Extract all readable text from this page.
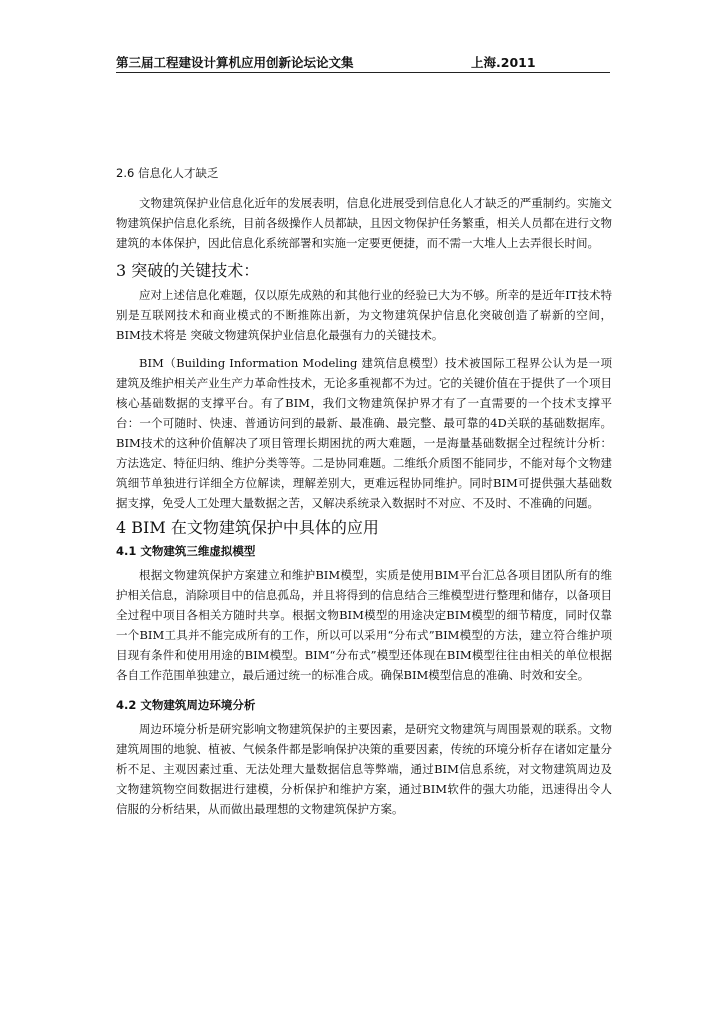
第三届工程建设计算机应用创新论坛论文集	上海.2011
2.6 信息化人才缺乏

文物建筑保护业信息化近年的发展表明，信息化进展受到信息化人才缺乏的严重制约。实施文物建筑保护信息化系统，目前各级操作人员都缺，且因文物保护任务繁重，相关人员都在进行文物建筑的本体保护，因此信息化系统部署和实施一定要更便捷，而不需一大堆人上去弄很长时间。

3 突破的关键技术：

应对上述信息化难题，仅以原先成熟的和其他行业的经验已大为不够。所幸的是近年IT技术特别是互联网技术和商业模式的不断推陈出新，为文物建筑保护信息化突破创造了崭新的空间，BIM技术将是 突破文物建筑保护业信息化最强有力的关键技术。

BIM（Building Information Modeling 建筑信息模型）技术被国际工程界公认为是一项建筑及维护相关产业生产力革命性技术，无论多重视都不为过。它的关键价值在于提供了一个项目核心基础数据的支撑平台。有了BIM，我们文物建筑保护界才有了一直需要的一个技术支撑平台：一个可随时、快速、普通访问到的最新、最准确、最完整、最可靠的4D关联的基础数据库。BIM技术的这种价值解决了项目管理长期困扰的两大难题，一是海量基础数据全过程统计分析：方法选定、特征归纳、维护分类等等。二是协同难题。二维纸介质图不能同步，不能对每个文物建筑细节单独进行详细全方位解读，理解差别大，更难远程协同维护。同时BIM可提供强大基础数据支撑，免受人工处理大量数据之苦，又解决系统录入数据时不对应、不及时、不准确的问题。

4 BIM 在文物建筑保护中具体的应用
4.1 文物建筑三维虚拟模型

根据文物建筑保护方案建立和维护BIM模型，实质是使用BIM平台汇总各项目团队所有的维护相关信息，消除项目中的信息孤岛，并且将得到的信息结合三维模型进行整理和储存，以备项目全过程中项目各相关方随时共享。根据文物BIM模型的用途决定BIM模型的细节精度，同时仅靠一个BIM工具并不能完成所有的工作，所以可以采用“分布式”BIM模型的方法，建立符合维护项目现有条件和使用用途的BIM模型。BIM“分布式”模型还体现在BIM模型往往由相关的单位根据各自工作范围单独建立，最后通过统一的标准合成。确保BIM模型信息的准确、时效和安全。

4.2 文物建筑周边环境分析

周边环境分析是研究影响文物建筑保护的主要因素，是研究文物建筑与周围景观的联系。文物建筑周围的地貌、植被、气候条件都是影响保护决策的重要因素，传统的环境分析存在诸如定量分析不足、主观因素过重、无法处理大量数据信息等弊端，通过BIM信息系统，对文物建筑周边及文物建筑物空间数据进行建模，分析保护和维护方案，通过BIM软件的强大功能，迅速得出令人信服的分析结果，从而做出最理想的文物建筑保护方案。
